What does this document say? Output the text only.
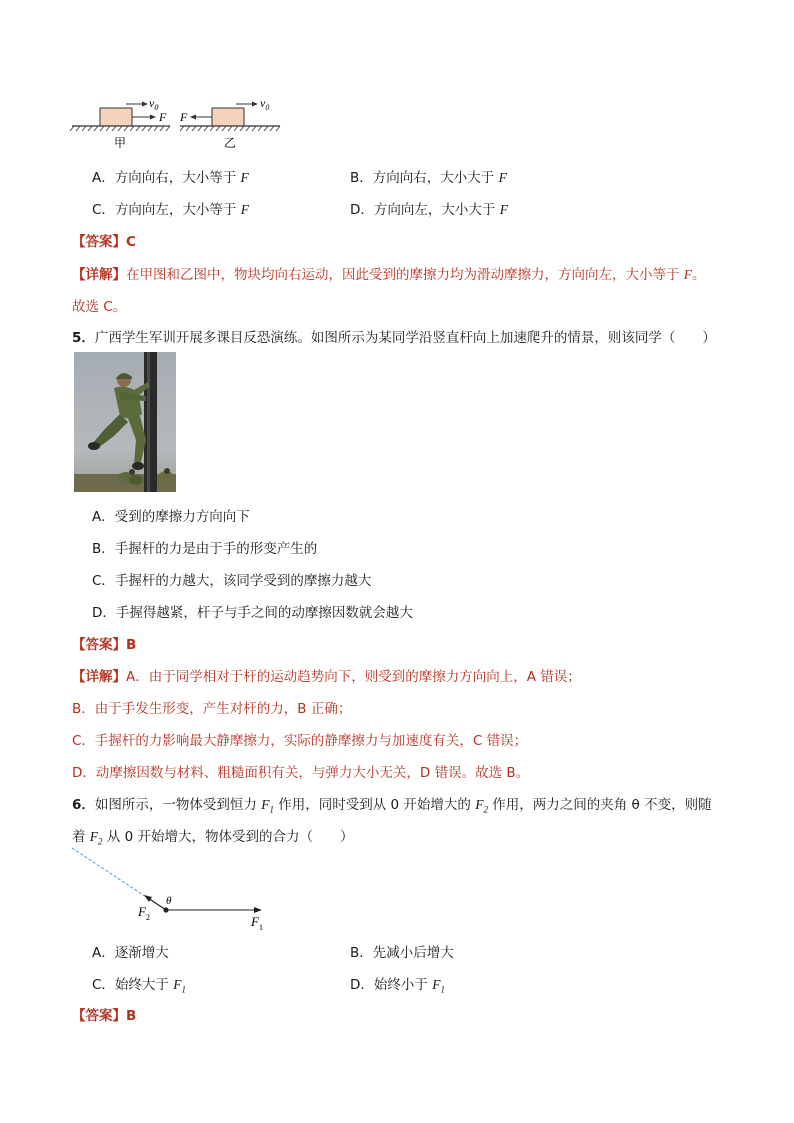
$v_0$
F
甲
$v_0$
F
乙
A．方向向右，大小等于 F	B．方向向右，大小大于 F
C．方向向左，大小等于 F	D．方向向左，大小大于 F
【答案】C
【详解】在甲图和乙图中，物块均向右运动，因此受到的摩擦力均为滑动摩擦力，方向向左，大小等于 F。
故选 C。
5．广西学生军训开展多课目反恐演练。如图所示为某同学沿竖直杆向上加速爬升的情景，则该同学（　　）
A．受到的摩擦力方向向下
B．手握杆的力是由于手的形变产生的
C．手握杆的力越大，该同学受到的摩擦力越大
D．手握得越紧，杆子与手之间的动摩擦因数就会越大
【答案】B
【详解】A．由于同学相对于杆的运动趋势向下，则受到的摩擦力方向向上，A 错误；
B．由于手发生形变，产生对杆的力，B 正确；
C．手握杆的力影响最大静摩擦力，实际的静摩擦力与加速度有关，C 错误；
D．动摩擦因数与材料、粗糙面积有关，与弹力大小无关，D 错误。故选 B。
6．如图所示，一物体受到恒力 $F_1$ 作用，同时受到从 0 开始增大的 $F_2$ 作用，两力之间的夹角 θ 不变，则随
着 $F_2$ 从 0 开始增大，物体受到的合力（　　）
θ
$F_2$	$F_1$
A．逐渐增大	B．先减小后增大
C．始终大于 $F_1$	D．始终小于 $F_1$
【答案】B
